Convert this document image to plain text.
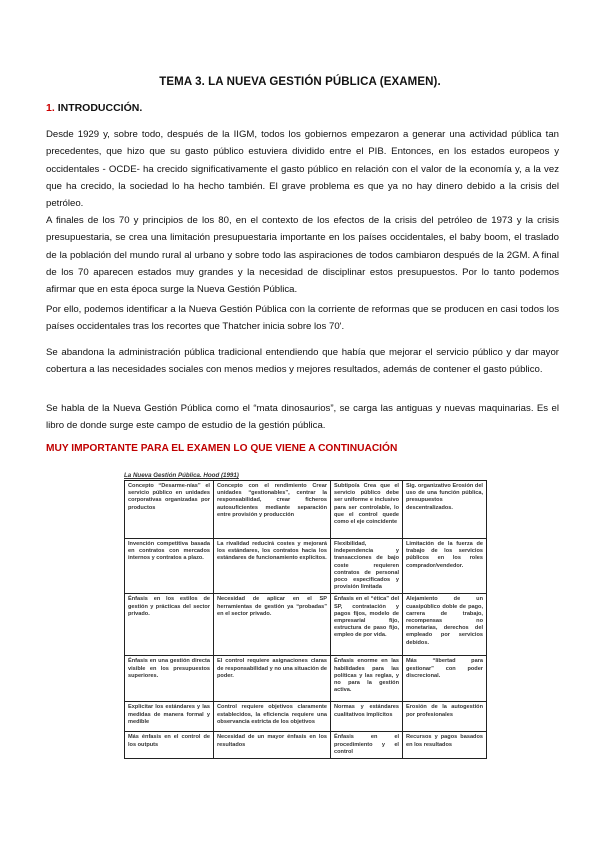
TEMA 3. LA NUEVA GESTIÓN PÚBLICA (EXAMEN).
1. INTRODUCCIÓN.

Desde 1929 y, sobre todo, después de la IIGM, todos los gobiernos empezaron a generar una actividad pública tan precedentes, que hizo que su gasto público estuviera dividido entre el PIB. Entonces, en los estados europeos y occidentales - OCDE- ha crecido significativamente el gasto público en relación con el valor de la economía y, a la vez que ha crecido, la sociedad lo ha hecho también. El grave problema es que ya no hay dinero debido a la crisis del petróleo.

A finales de los 70 y principios de los 80, en el contexto de los efectos de la crisis del petróleo de 1973 y la crisis presupuestaria, se crea una limitación presupuestaria importante en los países occidentales, el baby boom, el traslado de la población del mundo rural al urbano y sobre todo las aspiraciones de todos cambiaron después de la 2GM. A final de los 70 aparecen estados muy grandes y la necesidad de disciplinar estos presupuestos. Por lo tanto podemos afirmar que en esta época surge la Nueva Gestión Pública.

Por ello, podemos identificar a la Nueva Gestión Pública con la corriente de reformas que se producen en casi todos los países occidentales tras los recortes que Thatcher inicia sobre los 70'.

Se abandona la administración pública tradicional entendiendo que había que mejorar el servicio público y dar mayor cobertura a las necesidades sociales con menos medios y mejores resultados, además de contener el gasto público.

Se habla de la Nueva Gestión Pública como el “mata dinosaurios”, se carga las antiguas y nuevas maquinarias. Es el libro de donde surge este campo de estudio de la gestión pública.

MUY IMPORTANTE PARA EL EXAMEN LO QUE VIENE A CONTINUACIÓN
La Nueva Gestión Pública. Hood (1991)
Concepto “Desarme-nías” el servicio público en unidades corporativas organizadas por productos	Concepto con el rendimiento Crear unidades “gestionables”, centrar la responsabilidad, crear ficheros autosuficientes mediante separación entre provisión y producción	Subtipo/a Crea que el servicio público debe ser uniforme e inclusivo para ser controlable, lo que el control quede como el eje coincidente	Sig. organizativo Erosión del uso de una función pública, presupuestos descentralizados.
Invención competitiva basada en contratos con mercados internos y contratos a plazo.	La rivalidad reducirá costes y mejorará los estándares, los contratos hacia los estándares de funcionamiento explícitos.	Flexibilidad, independencia y transacciones de bajo coste requieren contratos de personal poco especificados y provisión limitada	Limitación de la fuerza de trabajo de los servicios públicos en los roles comprador/vendedor.
Énfasis en los estilos de gestión y prácticas del sector privado.	Necesidad de aplicar en el SP herramientas de gestión ya “probadas” en el sector privado.	Énfasis en el “ética” del SP, contratación y pagos fijos, modelo de empresarial fijo, estructura de paso fijo, empleo de por vida.	Alejamiento de un cuasipúblico doble de pago, carrera de trabajo, recompensas no monetarias, derechos del empleado por servicios debidos.
Énfasis en una gestión directa visible en los presupuestos superiores.	El control requiere asignaciones claras de responsabilidad y no una situación de poder.	Énfasis enorme en las habilidades para las políticas y las reglas, y no para la gestión activa.	Más “libertad para gestionar” con poder discrecional.
Explicitar los estándares y las medidas de manera formal y medible	Control requiere objetivos claramente establecidos, la eficiencia requiere una observancia estricta de los objetivos	Normas y estándares cualitativos implícitos	Erosión de la autogestión por profesionales
Más énfasis en el control de los outputs	Necesidad de un mayor énfasis en los resultados	Énfasis en el procedimiento y el control	Recursos y pagos basados en los resultados
